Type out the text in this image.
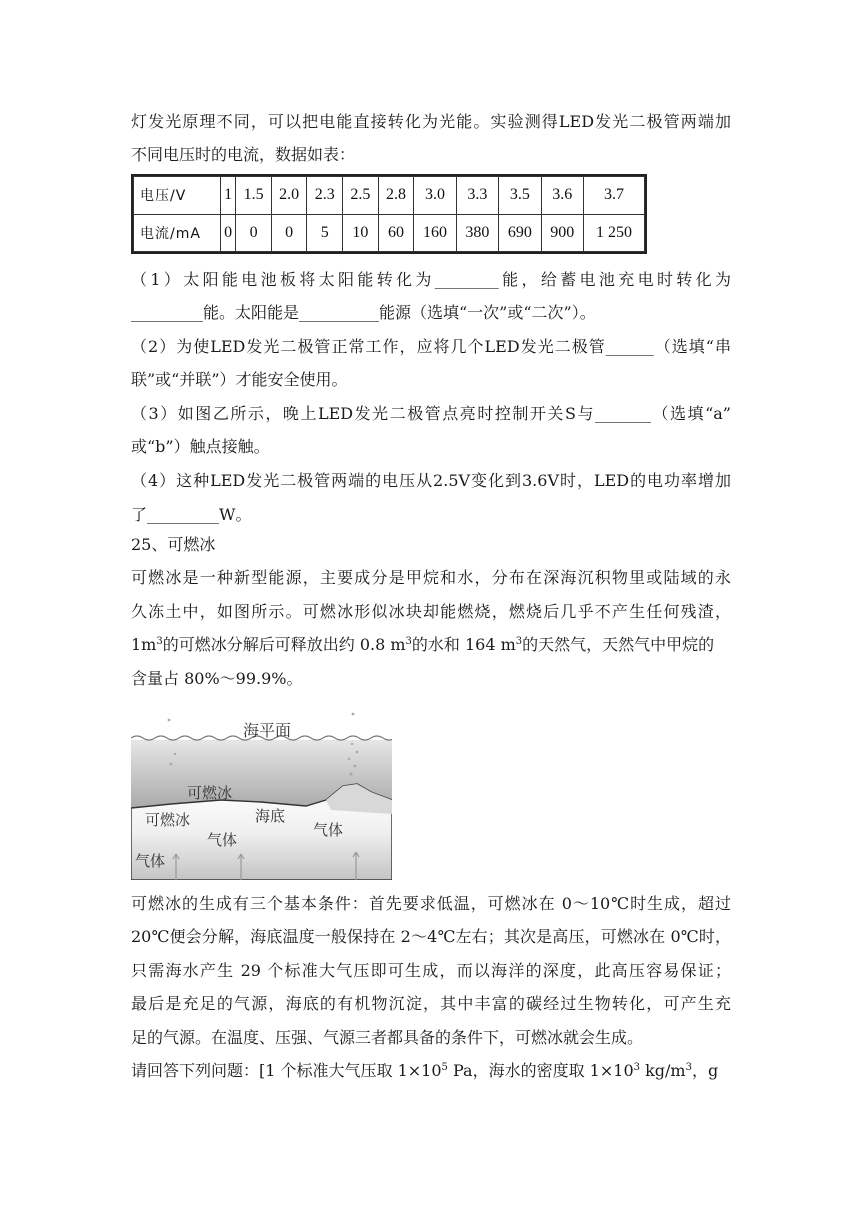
灯发光原理不同，可以把电能直接转化为光能。实验测得LED发光二极管两端加
不同电压时的电流，数据如表：
电压/V	1	1.5	2.0	2.3	2.5	2.8	3.0	3.3	3.5	3.6	3.7
电流/mA	0	0	0	5	10	60	160	380	690	900	1 250
（1）太阳能电池板将太阳能转化为________能，给蓄电池充电时转化为
_________能。太阳能是__________能源（选填“一次”或“二次”）。
（2）为使LED发光二极管正常工作，应将几个LED发光二极管______（选填“串
联”或“并联”）才能安全使用。
（3）如图乙所示，晚上LED发光二极管点亮时控制开关S与_______（选填“a”
或“b”）触点接触。
（4）这种LED发光二极管两端的电压从2.5V变化到3.6V时，LED的电功率增加
了_________W。
25、可燃冰
可燃冰是一种新型能源，主要成分是甲烷和水，分布在深海沉积物里或陆域的永
久冻土中，如图所示。可燃冰形似冰块却能燃烧，燃烧后几乎不产生任何残渣，
$1m^3$的可燃冰分解后可释放出约 0.8 $m^3$的水和 164 $m^3$的天然气，天然气中甲烷的
含量占 80%～99.9%。
海平面
可燃冰
可燃冰	海底
气体
气体
气体
可燃冰的生成有三个基本条件：首先要求低温，可燃冰在 0～10℃时生成，超过
20℃便会分解，海底温度一般保持在 2～4℃左右；其次是高压，可燃冰在 0℃时，
只需海水产生 29 个标准大气压即可生成，而以海洋的深度，此高压容易保证；
最后是充足的气源，海底的有机物沉淀，其中丰富的碳经过生物转化，可产生充
足的气源。在温度、压强、气源三者都具备的条件下，可燃冰就会生成。
请回答下列问题：[1 个标准大气压取 $1\times 10^5$ Pa，海水的密度取 $1\times 10^3$ $kg/m^3$，g
